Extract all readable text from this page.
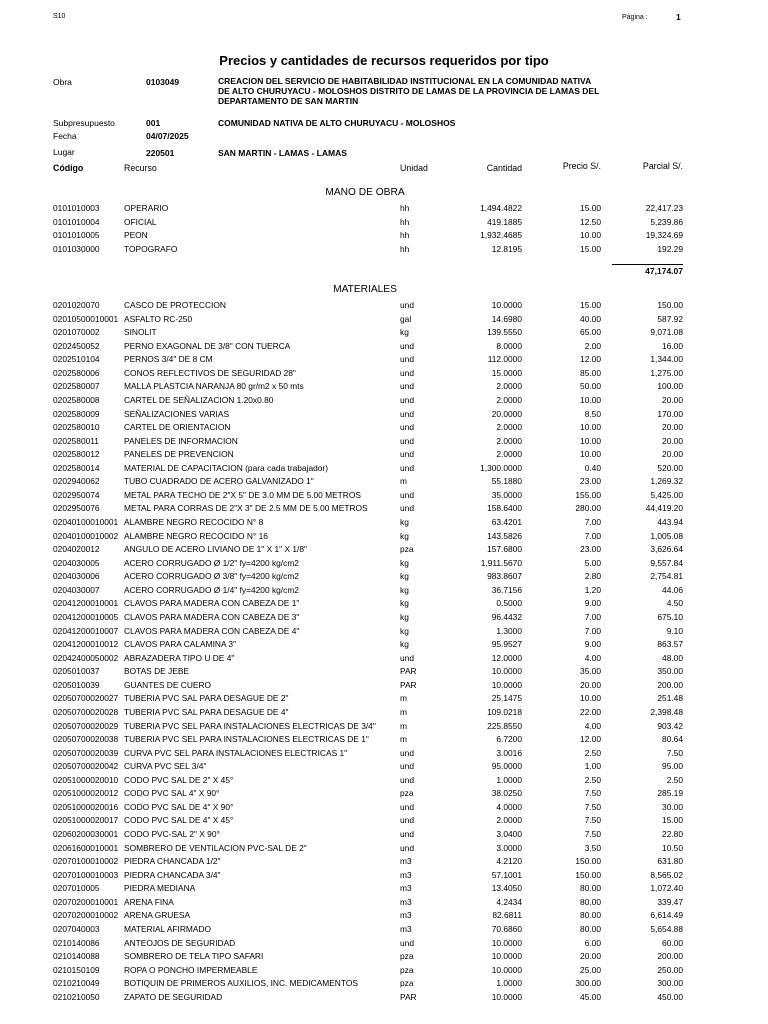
S10	Página :	1
Precios y cantidades de recursos requeridos por tipo
Obra	0103049	CREACION DEL SERVICIO DE HABITABILIDAD INSTITUCIONAL EN LA COMUNIDAD NATIVA
DE ALTO CHURUYACU - MOLOSHOS DISTRITO DE LAMAS DE LA PROVINCIA DE LAMAS DEL
DEPARTAMENTO DE SAN MARTIN
Subpresupuesto	001	COMUNIDAD NATIVA DE ALTO CHURUYACU - MOLOSHOS
Fecha	04/07/2025
Lugar	220501	SAN MARTIN - LAMAS - LAMAS
Código	Recurso	Unidad	Cantidad	Precio S/.	Parcial S/.
MANO DE OBRA
0101010003	OPERARIO	hh	1,494.4822	15.00	22,417.23
0101010004	OFICIAL	hh	419.1885	12.50	5,239.86
0101010005	PEON	hh	1,932.4685	10.00	19,324.69
0101030000	TOPOGRAFO	hh	12.8195	15.00	192.29
47,174.07
MATERIALES
0201020070	CASCO DE PROTECCION	und	10.0000	15.00	150.00
02010500010001 ASFALTO RC-250	gal	14.6980	40.00	587.92
0201070002	SINOLIT	kg	139.5550	65.00	9,071.08
0202450052	PERNO EXAGONAL DE 3/8" CON TUERCA	und	8.0000	2.00	16.00
0202510104	PERNOS 3/4" DE 8 CM	und	112.0000	12.00	1,344.00
0202580006	CONOS REFLECTIVOS DE SEGURIDAD 28"	und	15.0000	85.00	1,275.00
0202580007	MALLA PLASTCIA NARANJA 80 gr/m2 x 50 mts	und	2.0000	50.00	100.00
0202580008	CARTEL DE SEÑALIZACION 1.20x0.80	und	2.0000	10.00	20.00
0202580009	SEÑALIZACIONES VARIAS	und	20.0000	8.50	170.00
0202580010	CARTEL DE ORIENTACION	und	2.0000	10.00	20.00
0202580011	PANELES DE INFORMACION	und	2.0000	10.00	20.00
0202580012	PANELES DE PREVENCION	und	2.0000	10.00	20.00
0202580014	MATERIAL DE CAPACITACION (para cada trabajador)	und	1,300.0000	0.40	520.00
0202940062	TUBO CUADRADO DE ACERO GALVANIZADO 1"	m	55.1880	23.00	1,269.32
0202950074	METAL PARA TECHO DE 2"X 5" DE 3.0 MM DE 5.00 METROS	und	35.0000	155.00	5,425.00
0202950076	METAL PARA CORRAS DE 2"X 3" DE 2.5 MM DE 5.00 METROS	und	158.6400	280.00	44,419.20
02040100010001 ALAMBRE NEGRO RECOCIDO N° 8	kg	63.4201	7.00	443.94
02040100010002 ALAMBRE NEGRO RECOCIDO N° 16	kg	143.5826	7.00	1,005.08
0204020012	ANGULO DE ACERO LIVIANO DE 1" X 1" X 1/8"	pza	157.6800	23.00	3,626.64
0204030005	ACERO CORRUGADO Ø 1/2" fy=4200 kg/cm2	kg	1,911.5670	5.00	9,557.84
0204030006	ACERO CORRUGADO Ø 3/8" fy=4200 kg/cm2	kg	983.8607	2.80	2,754.81
0204030007	ACERO CORRUGADO Ø 1/4" fy=4200 kg/cm2	kg	36.7156	1.20	44.06
02041200010001 CLAVOS PARA MADERA CON CABEZA DE 1"	kg	0.5000	9.00	4.50
02041200010005 CLAVOS PARA MADERA CON CABEZA DE 3"	kg	96.4432	7.00	675.10
02041200010007 CLAVOS PARA MADERA CON CABEZA DE 4"	kg	1.3000	7.00	9.10
02041200010012 CLAVOS PARA CALAMINA 3"	kg	95.9527	9.00	863.57
02042400050002 ABRAZADERA TIPO U DE 4"	und	12.0000	4.00	48.00
0205010037	BOTAS DE JEBE	PAR	10.0000	35.00	350.00
0205010039	GUANTES DE CUERO	PAR	10.0000	20.00	200.00
02050700020027 TUBERIA PVC SAL PARA DESAGUE DE 2"	m	25.1475	10.00	251.48
02050700020028 TUBERIA PVC SAL PARA DESAGUE DE 4"	m	109.0218	22.00	2,398.48
02050700020029 TUBERIA PVC SEL PARA INSTALACIONES ELECTRICAS DE 3/4"	m	225.8550	4.00	903.42
02050700020038 TUBERIA PVC SEL PARA INSTALACIONES ELECTRICAS DE 1"	m	6.7200	12.00	80.64
02050700020039 CURVA PVC SEL PARA INSTALACIONES ELECTRICAS 1"	und	3.0016	2.50	7.50
02050700020042 CURVA PVC SEL 3/4"	und	95.0000	1.00	95.00
02051000020010 CODO PVC SAL DE 2" X 45°	und	1.0000	2.50	2.50
02051000020012 CODO PVC SAL 4" X 90°	pza	38.0250	7.50	285.19
02051000020016 CODO PVC SAL DE 4" X 90°	und	4.0000	7.50	30.00
02051000020017 CODO PVC SAL DE 4" X 45°	und	2.0000	7.50	15.00
02060200030001 CODO PVC-SAL 2" X 90°	und	3.0400	7.50	22.80
02061600010001 SOMBRERO DE VENTILACION PVC-SAL DE 2"	und	3.0000	3.50	10.50
02070100010002 PIEDRA CHANCADA 1/2"	m3	4.2120	150.00	631.80
02070100010003 PIEDRA CHANCADA 3/4"	m3	57.1001	150.00	8,565.02
0207010005	PIEDRA MEDIANA	m3	13.4050	80.00	1,072.40
02070200010001 ARENA FINA	m3	4.2434	80.00	339.47
02070200010002 ARENA GRUESA	m3	82.6811	80.00	6,614.49
0207040003	MATERIAL AFIRMADO	m3	70.6860	80.00	5,654.88
0210140086	ANTEOJOS DE SEGURIDAD	und	10.0000	6.00	60.00
0210140088	SOMBRERO DE TELA TIPO SAFARI	pza	10.0000	20.00	200.00
0210150109	ROPA O PONCHO IMPERMEABLE	pza	10.0000	25.00	250.00
0210210049	BOTIQUIN DE PRIMEROS AUXILIOS, INC. MEDICAMENTOS	pza	1.0000	300.00	300.00
0210210050	ZAPATO DE SEGURIDAD	PAR	10.0000	45.00	450.00
